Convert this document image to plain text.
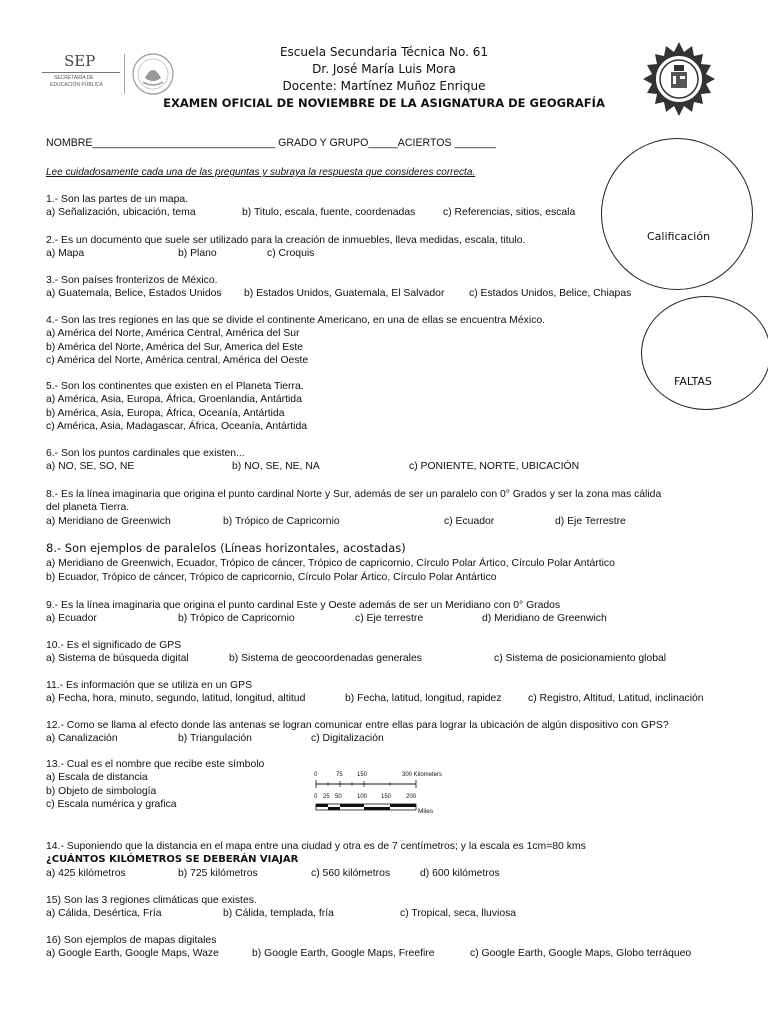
SEP
SECRETARÍA DE
EDUCACIÓN PÚBLICA
Escuela Secundaria Técnica No. 61
Dr. José María Luis Mora
Docente: Martínez Muñoz Enrique
EXAMEN OFICIAL DE NOVIEMBRE DE LA ASIGNATURA DE GEOGRAFÍA
NOMBRE_______________________________ GRADO Y GRUPO_____ACIERTOS _______
Lee cuidadosamente cada una de las preguntas y subraya la respuesta que consideres correcta.
Calificación
FALTAS
1.- Son las partes de un mapa.
a) Señalización, ubicación, tema	b) Titulo, escala, fuente, coordenadas	c) Referencias, sitios, escala
2.- Es un documento que suele ser utilizado para la creación de inmuebles, lleva medidas, escala, titulo.
a) Mapa	b) Plano	c) Croquis
3.- Son países fronterizos de México.
a) Guatemala, Belice, Estados Unidos b) Estados Unidos, Guatemala, El Salvador c) Estados Unidos, Belice, Chiapas
4.- Son las tres regiones en las que se divide el continente Americano, en una de ellas se encuentra México.
a) América del Norte, América Central, América del Sur
b) América del Norte, América del Sur, America del Este
c) América del Norte, América central, América del Oeste
5.- Son los continentes que existen en el Planeta Tierra.
a) América, Asia, Europa, África, Groenlandia, Antártida
b) América, Asia, Europa, África, Oceanía, Antártida
c) América, Asia, Madagascar, África, Oceanía, Antártida
6.- Son los puntos cardinales que existen...
a) NO, SE, SO, NE	b) NO, SE, NE, NA	c) PONIENTE, NORTE, UBICACIÓN
8.- Es la línea imaginaria que origina el punto cardinal Norte y Sur, además de ser un paralelo con 0° Grados y ser la zona mas cálida
del planeta Tierra.
a) Meridiano de Greenwich	b) Trópico de Capricornio	c) Ecuador	d) Eje Terrestre
8.- Son ejemplos de paralelos (Líneas horizontales, acostadas)
a) Meridiano de Greenwich, Ecuador, Trópico de cáncer, Trópico de capricornio, Círculo Polar Ártico, Círculo Polar Antártico
b) Ecuador, Trópico de cáncer, Trópico de capricornio, Círculo Polar Ártico, Círculo Polar Antártico
9.- Es la línea imaginaria que origina el punto cardinal Este y Oeste además de ser un Meridiano con 0° Grados
a) Ecuador	b) Trópico de Capricornio	c) Eje terrestre	d) Meridiano de Greenwich
10.- Es el significado de GPS
a) Sistema de búsqueda digital	b) Sistema de geocoordenadas generales	c) Sistema de posicionamiento global
11.- Es información que se utiliza en un GPS
a) Fecha, hora, minuto, segundo, latitud, longitud, altitud	b) Fecha, latitud, longitud, rapidez	c) Registro, Altitud, Latitud, inclinación
12.- Como se llama al efecto donde las antenas se logran comunicar entre ellas para lograr la ubicación de algún dispositivo con GPS?
a) Canalización	b) Triangulación	c) Digitalización
13.- Cual es el nombre que recibe este símbolo
a) Escala de distancia
b) Objeto de simbología
c) Escala numérica y grafica
0	75 150	300 Kilometers
0 25 50	100 150 200
Miles
14.- Suponiendo que la distancia en el mapa entre una ciudad y otra es de 7 centímetros; y la escala es 1cm=80 kms
¿CUÁNTOS KILÓMETROS SE DEBERÁN VIAJAR
a) 425 kilómetros	b) 725 kilómetros	c) 560 kilómetros	d) 600 kilómetros
15) Son las 3 regiones climáticas que existes.
a) Cálida, Desértica, Fría	b) Cálida, templada, fría	c) Tropical, seca, lluviosa
16) Son ejemplos de mapas digitales
a) Google Earth, Google Maps, Waze	b) Google Earth, Google Maps, Freefire	c) Google Earth, Google Maps, Globo terráqueo
